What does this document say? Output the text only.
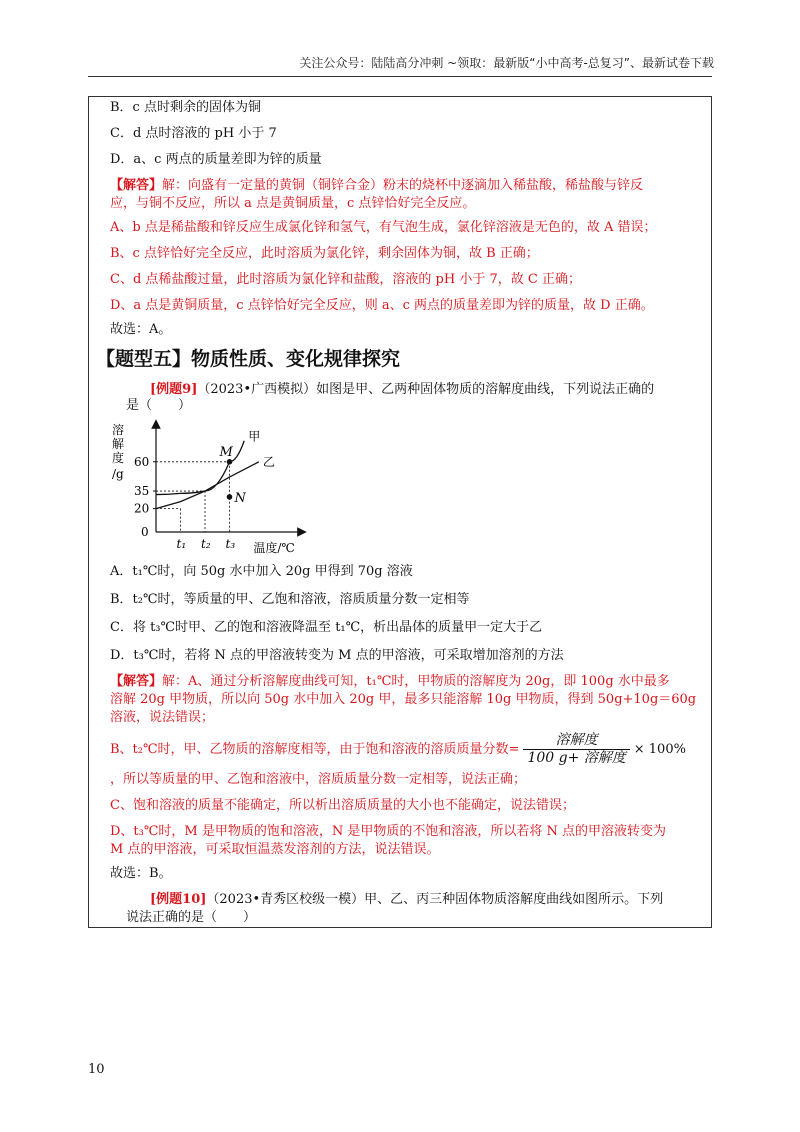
关注公众号：陆陆高分冲刺 ~领取：最新版“小中高考-总复习”、最新试卷下载
B．c 点时剩余的固体为铜
C．d 点时溶液的 pH 小于 7
D．a、c 两点的质量差即为锌的质量
【解答】解：向盛有一定量的黄铜（铜锌合金）粉末的烧杯中逐滴加入稀盐酸，稀盐酸与锌反
应，与铜不反应，所以 a 点是黄铜质量，c 点锌恰好完全反应。
A、b 点是稀盐酸和锌反应生成氯化锌和氢气，有气泡生成，氯化锌溶液是无色的，故 A 错误；
B、c 点锌恰好完全反应，此时溶质为氯化锌，剩余固体为铜，故 B 正确；
C、d 点稀盐酸过量，此时溶质为氯化锌和盐酸，溶液的 pH 小于 7，故 C 正确；
D、a 点是黄铜质量，c 点锌恰好完全反应，则 a、c 两点的质量差即为锌的质量，故 D 正确。
故选：A。
【题型五】物质性质、变化规律探究
[例题9]（2023•广西模拟）如图是甲、乙两种固体物质的溶解度曲线，下列说法正确的
是（　　）
溶
解
度
/g
0
20
35
60
t₁ t₂ t₃ 温度/℃
甲
乙
M
N
A．t₁℃时，向 50g 水中加入 20g 甲得到 70g 溶液
B．t₂℃时，等质量的甲、乙饱和溶液，溶质质量分数一定相等
C．将 t₃℃时甲、乙的饱和溶液降温至 t₁℃，析出晶体的质量甲一定大于乙
D．t₃℃时，若将 N 点的甲溶液转变为 M 点的甲溶液，可采取增加溶剂的方法
【解答】解：A、通过分析溶解度曲线可知，t₁℃时，甲物质的溶解度为 20g，即 100g 水中最多
溶解 20g 甲物质，所以向 50g 水中加入 20g 甲，最多只能溶解 10g 甲物质，得到 50g+10g＝60g
溶液，说法错误；
B、t₂℃时，甲、乙物质的溶解度相等，由于饱和溶液的溶质质量分数= $\frac{\text{溶解度}}{\text{100 g+ 溶解度}} \times 100\%$
，所以等质量的甲、乙饱和溶液中，溶质质量分数一定相等，说法正确；
C、饱和溶液的质量不能确定，所以析出溶质质量的大小也不能确定，说法错误；
D、t₃℃时，M 是甲物质的饱和溶液，N 是甲物质的不饱和溶液，所以若将 N 点的甲溶液转变为
M 点的甲溶液，可采取恒温蒸发溶剂的方法，说法错误。
故选：B。
[例题10]（2023•青秀区校级一模）甲、乙、丙三种固体物质溶解度曲线如图所示。下列
说法正确的是（　　）
10
